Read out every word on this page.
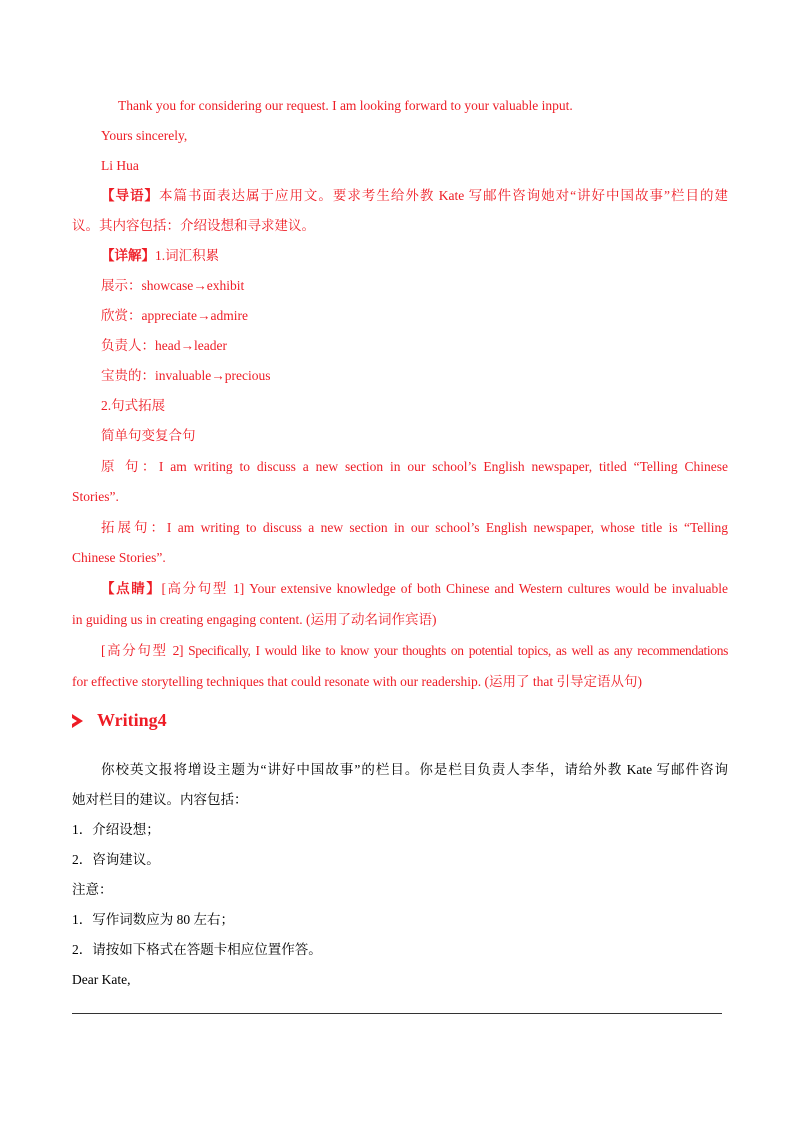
Thank you for considering our request. I am looking forward to your valuable input.
Yours sincerely,
Li Hua
【导语】本篇书面表达属于应用文。要求考生给外教 Kate 写邮件咨询她对“讲好中国故事”栏目的建
议。其内容包括：介绍设想和寻求建议。
【详解】1.词汇积累
展示：showcase→exhibit
欣赏：appreciate→admire
负责人：head→leader
宝贵的：invaluable→precious
2.句式拓展
简单句变复合句
原 句：I am writing to discuss a new section in our school’s English newspaper, titled “Telling Chinese
Stories”.
拓展句：I am writing to discuss a new section in our school’s English newspaper, whose title is “Telling
Chinese Stories”.
【点睛】[高分句型 1] Your extensive knowledge of both Chinese and Western cultures would be invaluable
in guiding us in creating engaging content. (运用了动名词作宾语)
[高分句型 2] Specifically, I would like to know your thoughts on potential topics, as well as any recommendations
for effective storytelling techniques that could resonate with our readership. (运用了 that 引导定语从句)
Writing4
你校英文报将增设主题为“讲好中国故事”的栏目。你是栏目负责人李华，请给外教 Kate 写邮件咨询
她对栏目的建议。内容包括：
1．介绍设想；
2．咨询建议。
注意：
1．写作词数应为 80 左右；
2．请按如下格式在答题卡相应位置作答。
Dear Kate,
